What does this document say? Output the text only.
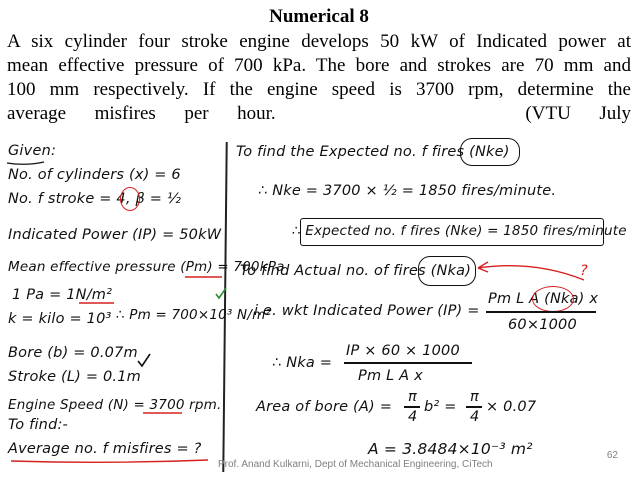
Numerical 8
A six cylinder four stroke engine develops 50 kW of Indicated power at
mean effective pressure of 700 kPa. The bore and strokes are 70 mm and
100 mm respectively. If the engine speed is 3700 rpm, determine the
average    misfires    per    hour.                                   (VTU    July
Given:
No. of cylinders (x) = 6
No. f stroke = 4, β = ½
Indicated Power (IP) = 50kW
Mean effective pressure (Pm) = 700kPa
1 Pa = 1N/m²
k = kilo = 10³ ∴ Pm = 700×10³ N/m²
Bore (b) = 0.07m
Stroke (L) = 0.1m
Engine Speed (N) = 3700 rpm.
To find:-
Average no. f misfires = ?
To find the Expected no. f fires (Nke)
∴ Nke = 3700 × ½ = 1850 fires/minute.
∴ Expected no. f fires (Nke) = 1850 fires/minute
To find Actual no. of fires (Nka)	?
i.e. wkt Indicated Power (IP) =
Pm L A (Nka) x
60×1000
∴ Nka =
IP × 60 × 1000
Pm L A x
Area of bore (A) =
π
4
b² =
π
4
× 0.07
A = 3.8484×10⁻³ m²
Prof. Anand Kulkarni, Dept of Mechanical Engineering, CiTech
62
